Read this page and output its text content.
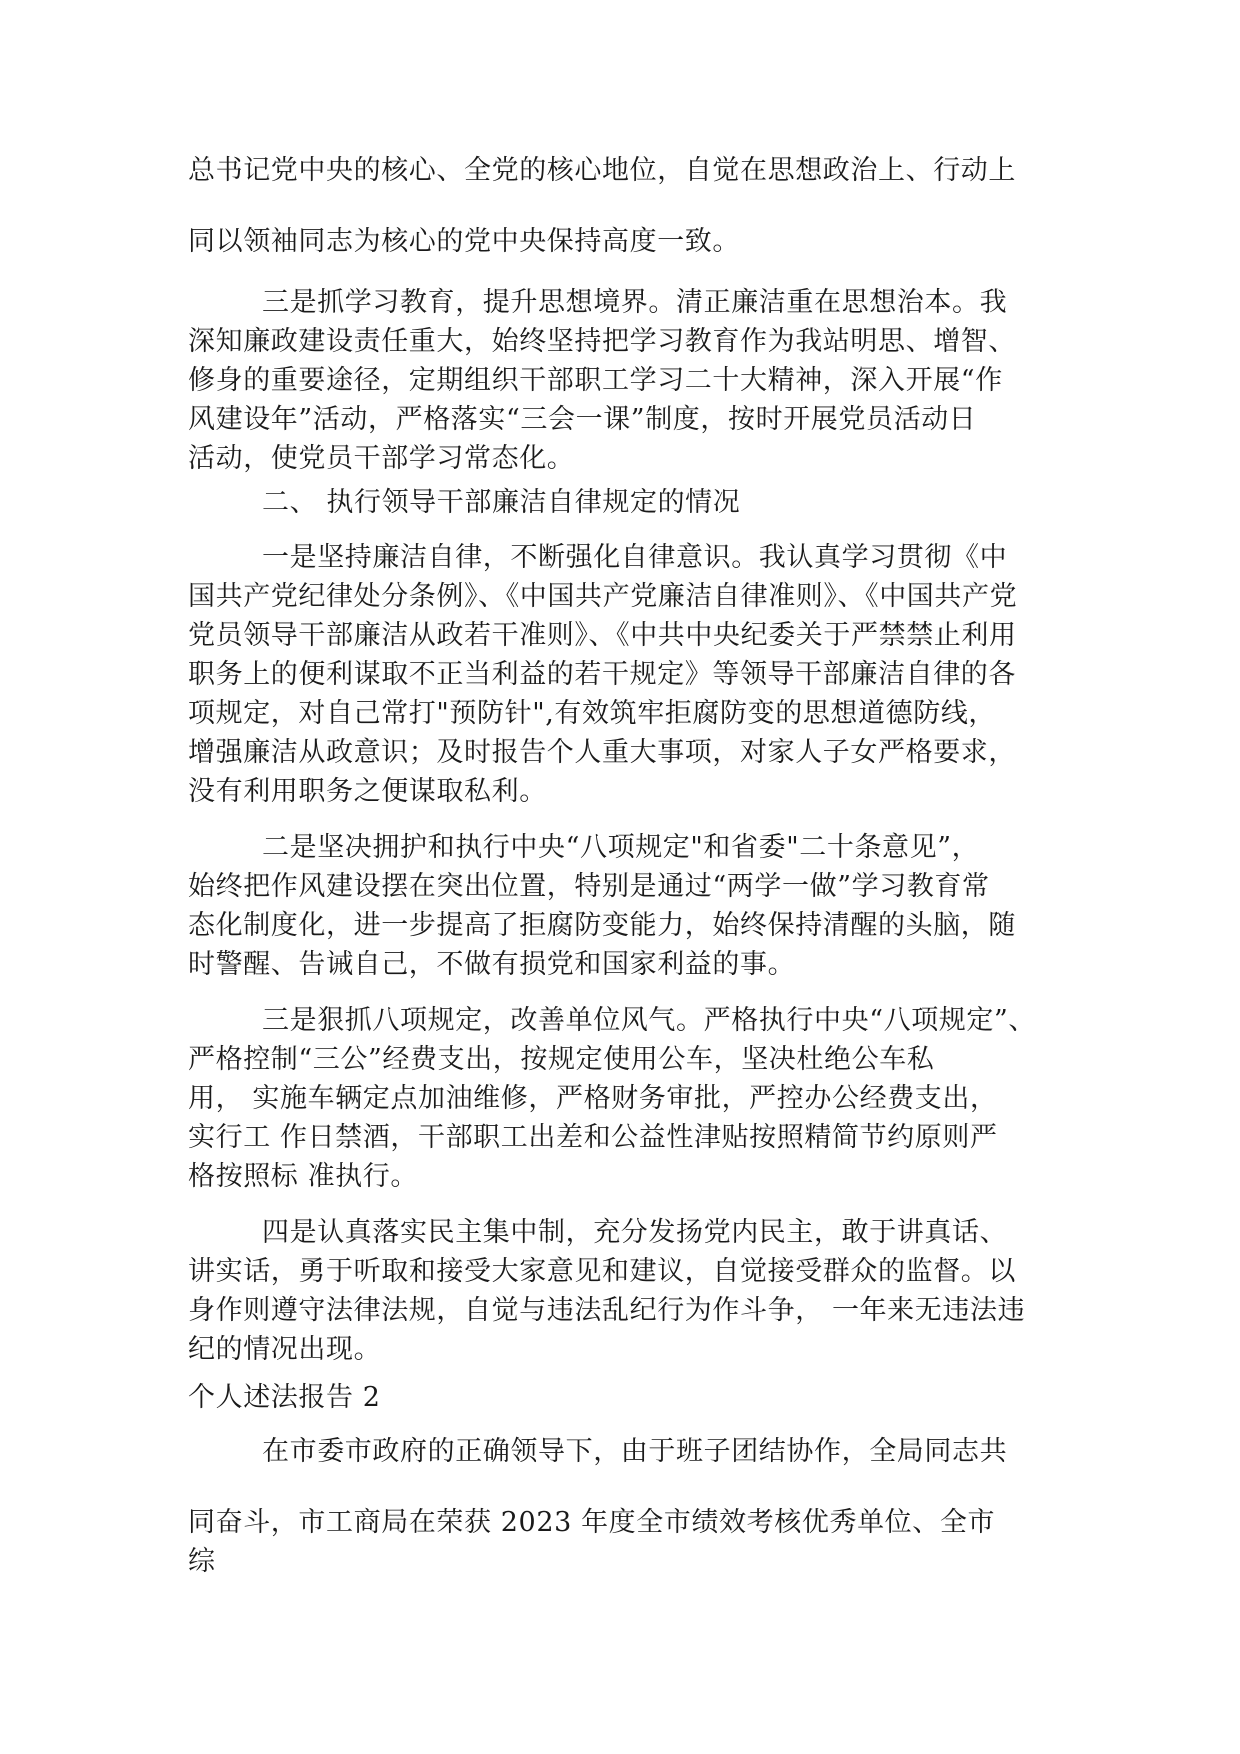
总书记党中央的核心、全党的核心地位，自觉在思想政治上、行动上
同以领袖同志为核心的党中央保持高度一致。
三是抓学习教育，提升思想境界。清正廉洁重在思想治本。我
深知廉政建设责任重大，始终坚持把学习教育作为我站明思、增智、
修身的重要途径，定期组织干部职工学习二十大精神，深入开展“作
风建设年”活动，严格落实“三会一课”制度，按时开展党员活动日
活动，使党员干部学习常态化。
二、 执行领导干部廉洁自律规定的情况
一是坚持廉洁自律，不断强化自律意识。我认真学习贯彻《中
国共产党纪律处分条例》、《中国共产党廉洁自律准则》、《中国共产党
党员领导干部廉洁从政若干准则》、《中共中央纪委关于严禁禁止利用
职务上的便利谋取不正当利益的若干规定》等领导干部廉洁自律的各
项规定，对自己常打"预防针",有效筑牢拒腐防变的思想道德防线，
增强廉洁从政意识；及时报告个人重大事项，对家人子女严格要求，
没有利用职务之便谋取私利。
二是坚决拥护和执行中央“八项规定"和省委"二十条意见”，
始终把作风建设摆在突出位置，特别是通过“两学一做”学习教育常
态化制度化，进一步提高了拒腐防变能力，始终保持清醒的头脑，随
时警醒、告诫自己，不做有损党和国家利益的事。
三是狠抓八项规定，改善单位风气。严格执行中央“八项规定”、
严格控制“三公”经费支出，按规定使用公车，坚决杜绝公车私
用， 实施车辆定点加油维修，严格财务审批，严控办公经费支出，
实行工 作日禁酒，干部职工出差和公益性津贴按照精简节约原则严
格按照标 准执行。
四是认真落实民主集中制，充分发扬党内民主，敢于讲真话、
讲实话，勇于听取和接受大家意见和建议，自觉接受群众的监督。以
身作则遵守法律法规，自觉与违法乱纪行为作斗争， 一年来无违法违
纪的情况出现。
个人述法报告 2
在市委市政府的正确领导下，由于班子团结协作，全局同志共
同奋斗，市工商局在荣获 2023 年度全市绩效考核优秀单位、全市
综
